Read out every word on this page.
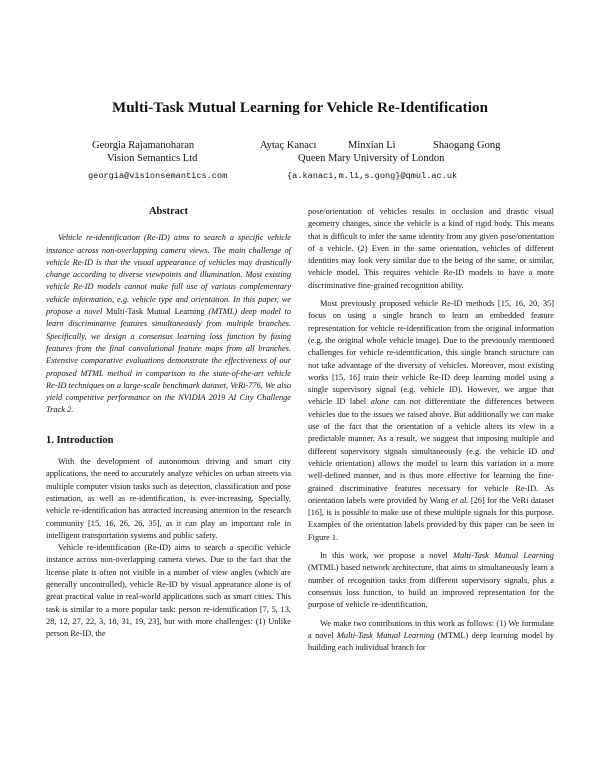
Multi-Task Mutual Learning for Vehicle Re-Identification
Georgia Rajamanoharan
Vision Semantics Ltd
georgia@visionsemantics.com
Aytaç Kanacı	Minxian Li	Shaogang Gong
Queen Mary University of London
{a.kanaci,m.li,s.gong}@qmul.ac.uk
Abstract

Vehicle re-identification (Re-ID) aims to search a specific vehicle instance across non-overlapping camera views. The main challenge of vehicle Re-ID is that the visual appearance of vehicles may drastically change according to diverse viewpoints and illumination. Most existing vehicle Re-ID models cannot make full use of various complementary vehicle information, e.g. vehicle type and orientation. In this paper, we propose a novel Multi-Task Mutual Learning (MTML) deep model to learn discriminative features simultaneously from multiple branches. Specifically, we design a consensus learning loss function by fusing features from the final convolutional feature maps from all branches. Extensive comparative evaluations demonstrate the effectiveness of our proposed MTML method in comparison to the state-of-the-art vehicle Re-ID techniques on a large-scale benchmark dataset, VeRi-776. We also yield competitive performance on the NVIDIA 2019 AI City Challenge Track 2.

1. Introduction

With the development of autonomous driving and smart city applications, the need to accurately analyze vehicles on urban streets via multiple computer vision tasks such as detection, classification and pose estimation, as well as re-identification, is ever-increasing. Specially, vehicle re-identification has attracted increasing attention in the research community [15, 16, 26, 26, 35], as it can play an important role in intelligent transportation systems and public safety.

Vehicle re-identification (Re-ID) aims to search a specific vehicle instance across non-overlapping camera views. Due to the fact that the license plate is often not visible in a number of view angles (which are generally uncontrolled), vehicle Re-ID by visual appearance alone is of great practical value in real-world applications such as smart cities. This task is similar to a more popular task: person re-identification [7, 5, 13, 28, 12, 27, 22, 3, 18, 31, 19, 23], but with more challenges: (1) Unlike person Re-ID, the

pose/orientation of vehicles results in occlusion and drastic visual geometry changes, since the vehicle is a kind of rigid body. This means that is difficult to infer the same identity from any given pose/orientation of a vehicle. (2) Even in the same orientation, vehicles of different identities may look very similar due to the being of the same, or similar, vehicle model. This requires vehicle Re-ID models to have a more discriminative fine-grained recognition ability.

Most previously proposed vehicle Re-ID methods [15, 16, 20, 35] focus on using a single branch to learn an embedded feature representation for vehicle re-identification from the original information (e.g. the original whole vehicle image). Due to the previously mentioned challenges for vehicle re-identification, this single branch structure can not take advantage of the diversity of vehicles. Moreover, most existing works [15, 16] train their vehicle Re-ID deep learning model using a single supervisory signal (e.g. vehicle ID). However, we argue that vehicle ID label alone can not differentiate the differences between vehicles due to the issues we raised above. But additionally we can make use of the fact that the orientation of a vehicle alters its view in a predictable manner. As a result, we suggest that imposing multiple and different supervisory signals simultaneously (e.g. the vehicle ID and vehicle orientation) allows the model to learn this variation in a more well-defined manner, and is thus more effective for learning the fine-grained discriminative features necessary for vehicle Re-ID. As orientation labels were provided by Wang et al. [26] for the VeRi dataset [16], is is possible to make use of these multiple signals for this purpose. Examples of the orientation labels provided by this paper can be seen in Figure 1.

In this work, we propose a novel Multi-Task Mutual Learning (MTML) based network architecture, that aims to simultaneously learn a number of recognition tasks from different supervisory signals, plus a consensus loss function, to build an improved representation for the purpose of vehicle re-identification.

We make two contributions in this work as follows: (1) We formulate a novel Multi-Task Mutual Learning (MTML) deep learning model by building each individual branch for
